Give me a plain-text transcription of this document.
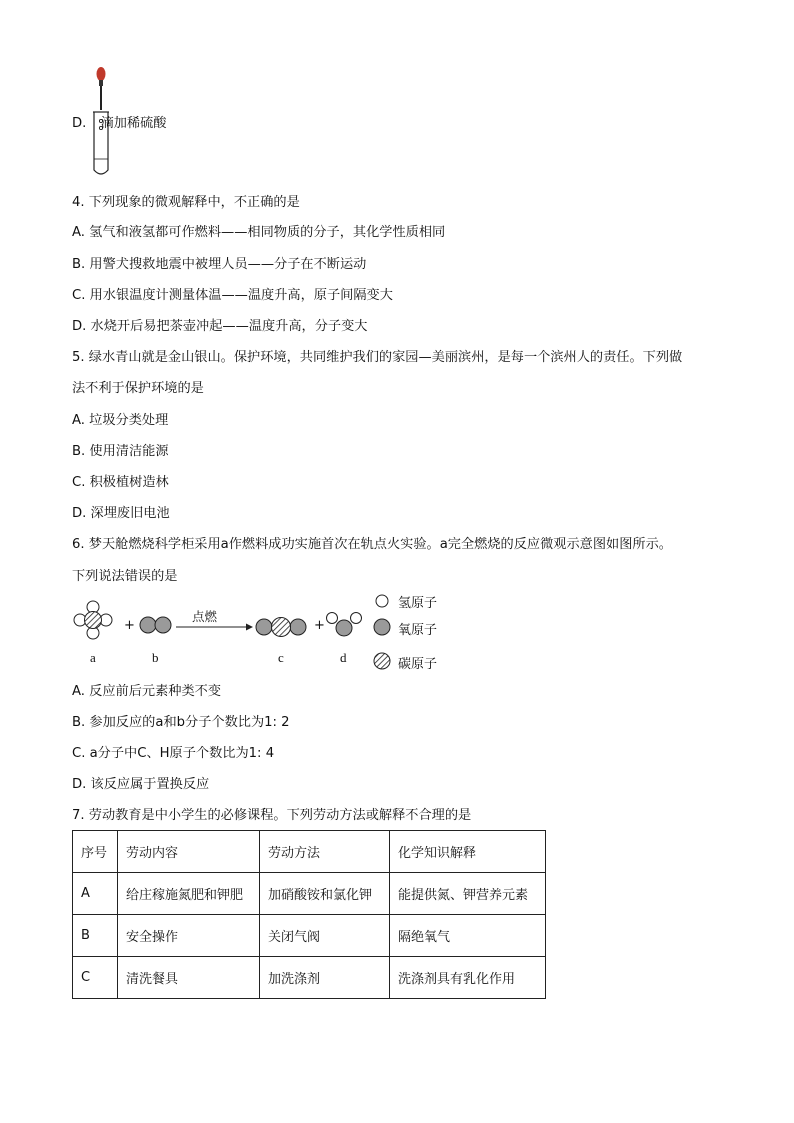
D. 滴加稀硫酸
4. 下列现象的微观解释中，不正确的是
A. 氢气和液氢都可作燃料——相同物质的分子，其化学性质相同
B. 用警犬搜救地震中被埋人员——分子在不断运动
C. 用水银温度计测量体温——温度升高，原子间隔变大
D. 水烧开后易把茶壶冲起——温度升高，分子变大
5. 绿水青山就是金山银山。保护环境，共同维护我们的家园—美丽滨州，是每一个滨州人的责任。下列做
法不利于保护环境的是
A. 垃圾分类处理
B. 使用清洁能源
C. 积极植树造林
D. 深埋废旧电池
6. 梦天舱燃烧科学柜采用a作燃料成功实施首次在轨点火实验。a完全燃烧的反应微观示意图如图所示。
下列说法错误的是
a
+
b
点燃
c
+
d
氢原子
氧原子
碳原子
A. 反应前后元素种类不变
B. 参加反应的a和b分子个数比为1: 2
C. a分子中C、H原子个数比为1: 4
D. 该反应属于置换反应
7. 劳动教育是中小学生的必修课程。下列劳动方法或解释不合理的是
序号	劳动内容	劳动方法	化学知识解释
A	给庄稼施氮肥和钾肥	加硝酸铵和氯化钾	能提供氮、钾营养元素
B	安全操作	关闭气阀	隔绝氧气
C	清洗餐具	加洗涤剂	洗涤剂具有乳化作用
